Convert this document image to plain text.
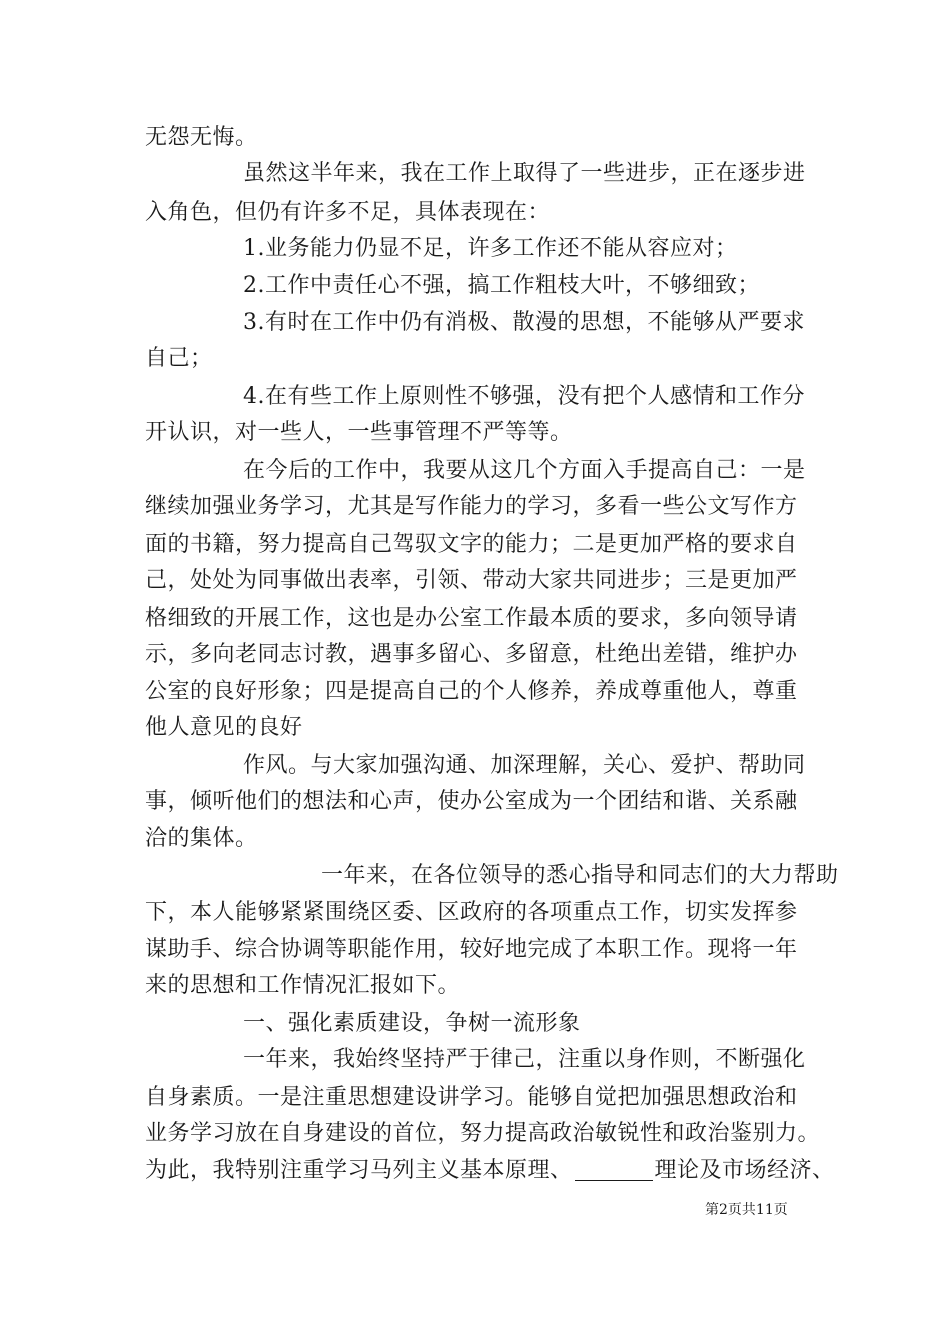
无怨无悔。
虽然这半年来，我在工作上取得了一些进步，正在逐步进
入角色，但仍有许多不足，具体表现在：
1.业务能力仍显不足，许多工作还不能从容应对；
2.工作中责任心不强，搞工作粗枝大叶，不够细致；
3.有时在工作中仍有消极、散漫的思想，不能够从严要求
自己；
4.在有些工作上原则性不够强，没有把个人感情和工作分
开认识，对一些人，一些事管理不严等等。
在今后的工作中，我要从这几个方面入手提高自己：一是
继续加强业务学习，尤其是写作能力的学习，多看一些公文写作方
面的书籍，努力提高自己驾驭文字的能力；二是更加严格的要求自
己，处处为同事做出表率，引领、带动大家共同进步；三是更加严
格细致的开展工作，这也是办公室工作最本质的要求，多向领导请
示，多向老同志讨教，遇事多留心、多留意，杜绝出差错，维护办
公室的良好形象；四是提高自己的个人修养，养成尊重他人，尊重
他人意见的良好
作风。与大家加强沟通、加深理解，关心、爱护、帮助同
事，倾听他们的想法和心声，使办公室成为一个团结和谐、关系融
洽的集体。
一年来，在各位领导的悉心指导和同志们的大力帮助
下，本人能够紧紧围绕区委、区政府的各项重点工作，切实发挥参
谋助手、综合协调等职能作用，较好地完成了本职工作。现将一年
来的思想和工作情况汇报如下。
一、强化素质建设，争树一流形象
一年来，我始终坚持严于律己，注重以身作则，不断强化
自身素质。一是注重思想建设讲学习。能够自觉把加强思想政治和
业务学习放在自身建设的首位，努力提高政治敏锐性和政治鉴别力。
为此，我特别注重学习马列主义基本原理、	理论及市场经济、
第2页共11页
